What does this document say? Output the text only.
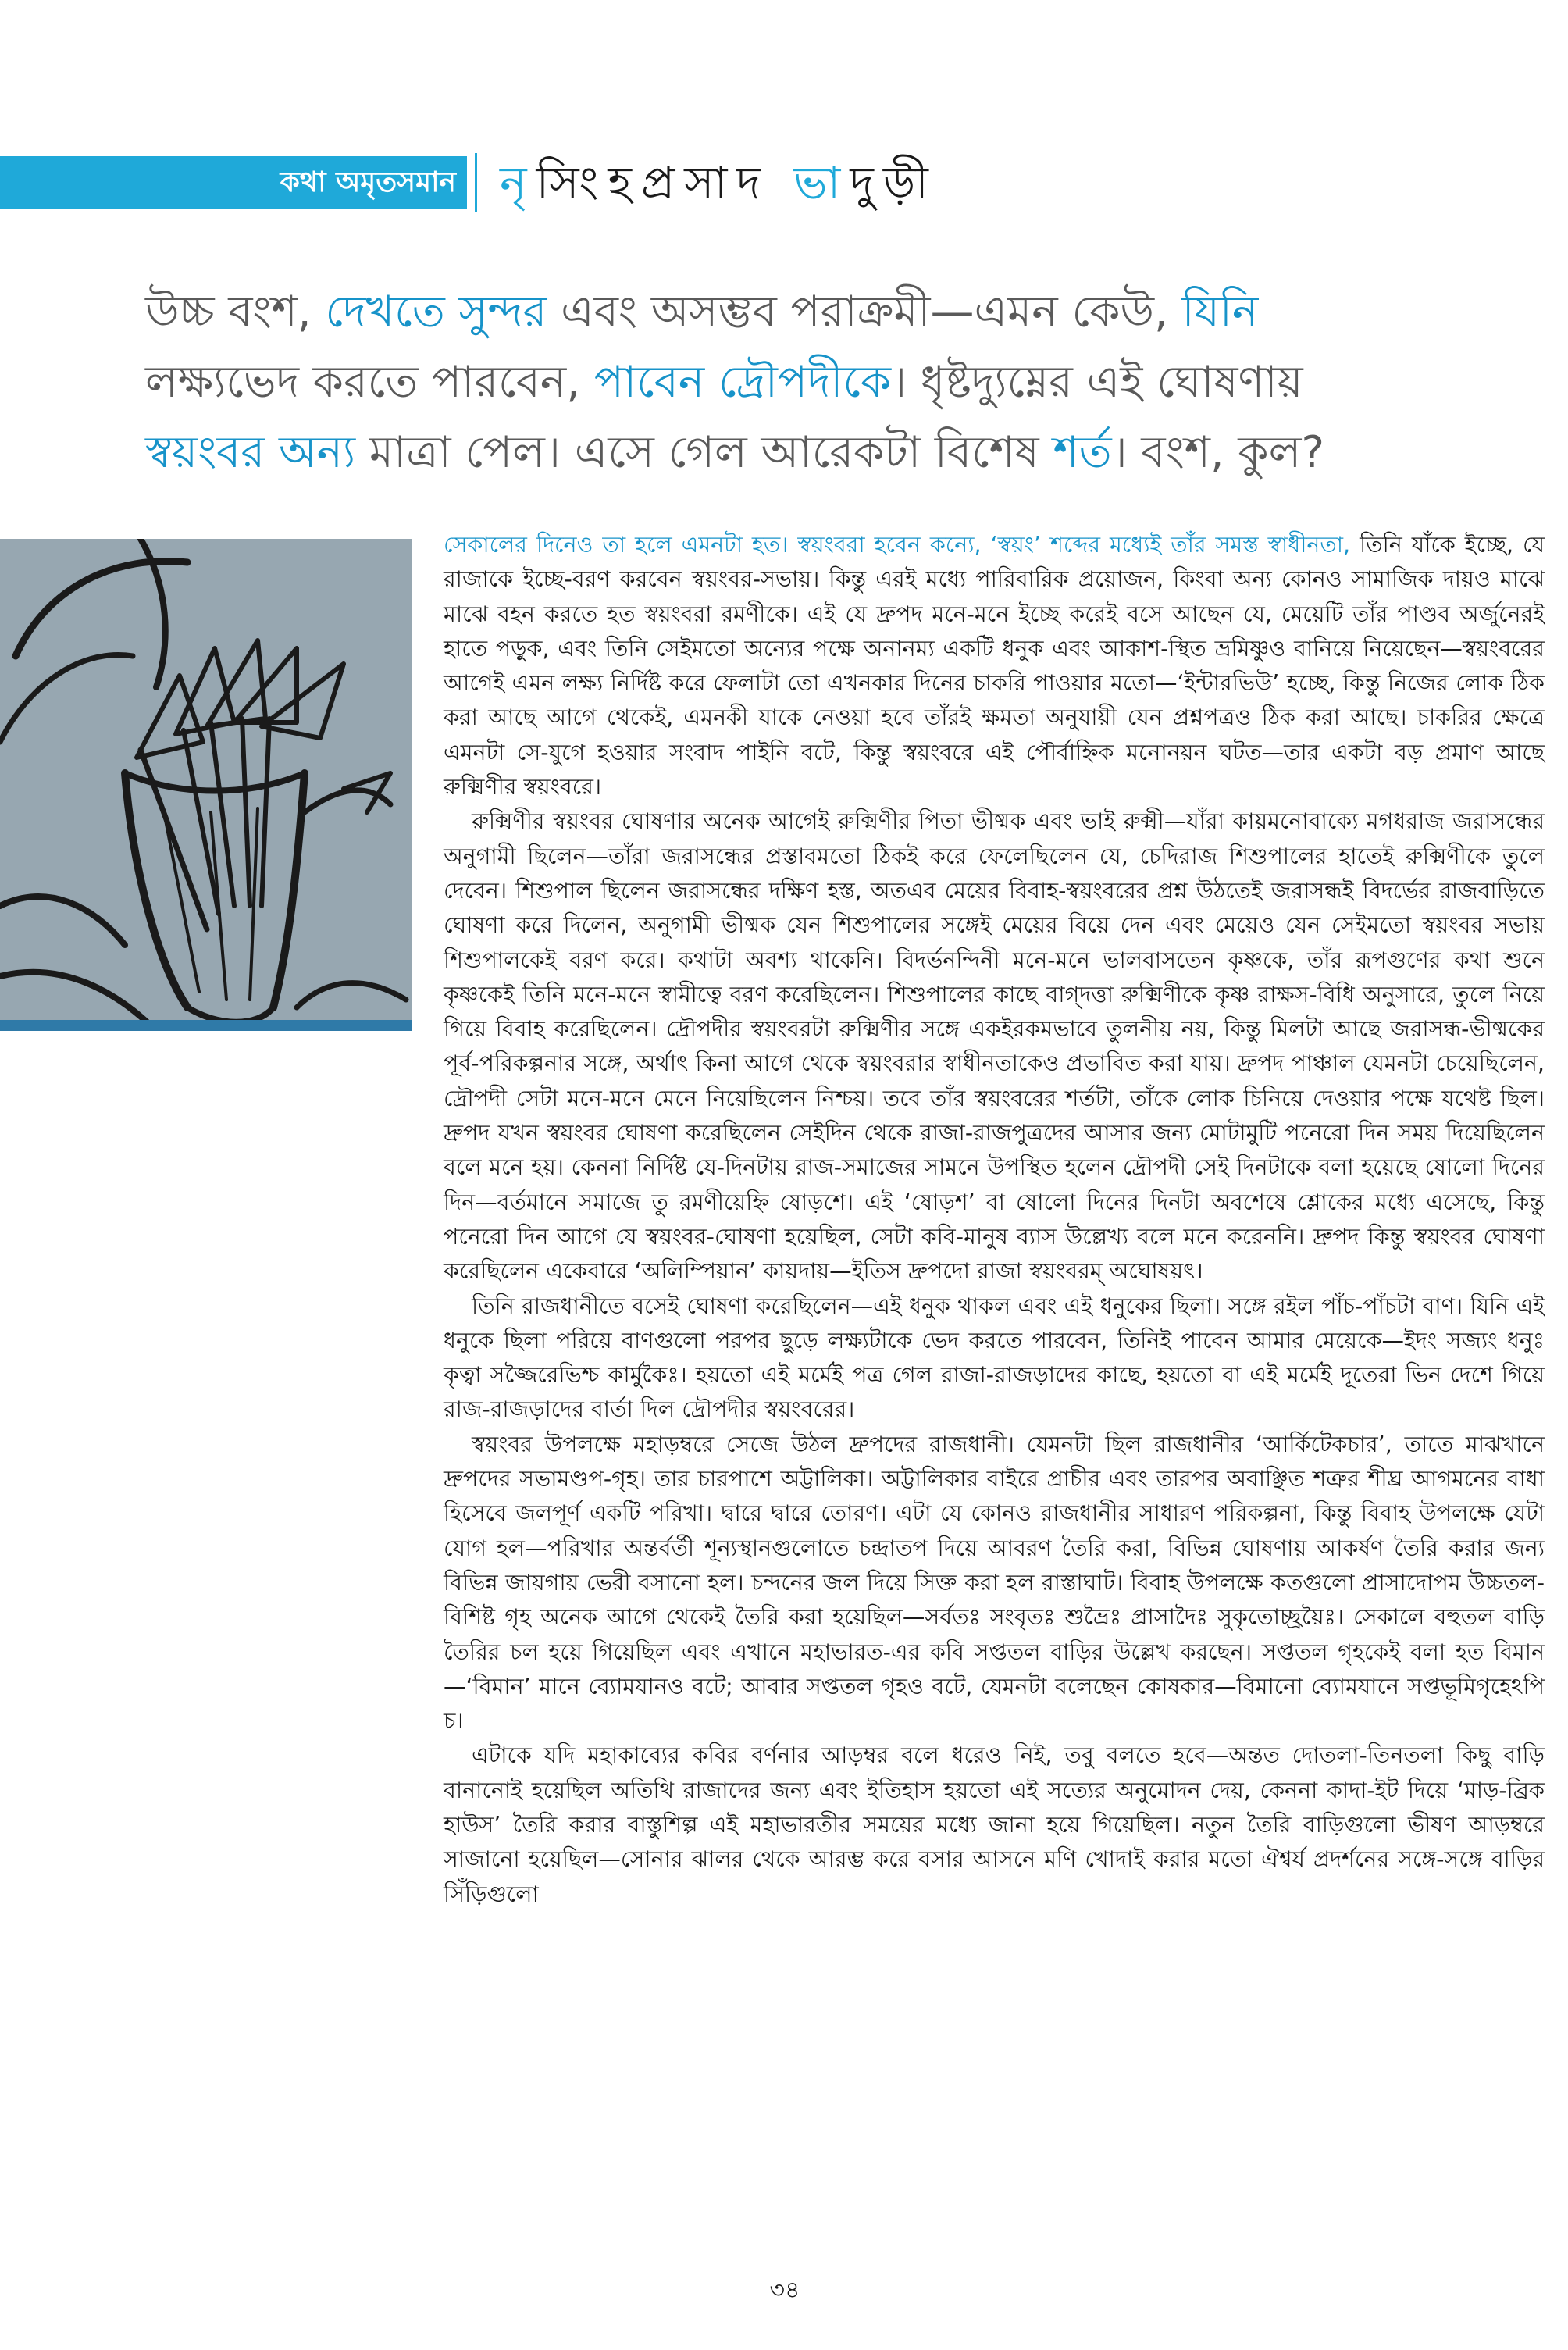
কথা অমৃতসমান নৃসিংহপ্রসাদ ভাদুড়ী
উচ্চ বংশ, দেখতে সুন্দর এবং অসম্ভব পরাক্রমী—এমন কেউ, যিনি লক্ষ্যভেদ করতে পারবেন, পাবেন দ্রৌপদীকে। ধৃষ্টদ্যুম্নের এই ঘোষণায় স্বয়ংবর অন্য মাত্রা পেল। এসে গেল আরেকটা বিশেষ শর্ত। বংশ, কুল?

সেকালের দিনেও তা হলে এমনটা হত। স্বয়ংবরা হবেন কন্যে, ‘স্বয়ং’ শব্দের মধ্যেই তাঁর সমস্ত স্বাধীনতা, তিনি যাঁকে ইচ্ছে, যে রাজাকে ইচ্ছে-বরণ করবেন স্বয়ংবর-সভায়। কিন্তু এরই মধ্যে পারিবারিক প্রয়োজন, কিংবা অন্য কোনও সামাজিক দায়ও মাঝে মাঝে বহন করতে হত স্বয়ংবরা রমণীকে। এই যে দ্রুপদ মনে-মনে ইচ্ছে করেই বসে আছেন যে, মেয়েটি তাঁর পাণ্ডব অর্জুনেরই হাতে পড়ুক, এবং তিনি সেইমতো অন্যের পক্ষে অনানম্য একটি ধনুক এবং আকাশ-স্থিত ভ্রমিষ্ণুও বানিয়ে নিয়েছেন—স্বয়ংবরের আগেই এমন লক্ষ্য নির্দিষ্ট করে ফেলাটা তো এখনকার দিনের চাকরি পাওয়ার মতো—‘ইন্টারভিউ’ হচ্ছে, কিন্তু নিজের লোক ঠিক করা আছে আগে থেকেই, এমনকী যাকে নেওয়া হবে তাঁরই ক্ষমতা অনুযায়ী যেন প্রশ্নপত্রও ঠিক করা আছে। চাকরির ক্ষেত্রে এমনটা সে-যুগে হওয়ার সংবাদ পাইনি বটে, কিন্তু স্বয়ংবরে এই পৌর্বাহ্নিক মনোনয়ন ঘটত—তার একটা বড় প্রমাণ আছে রুক্মিণীর স্বয়ংবরে।

রুক্মিণীর স্বয়ংবর ঘোষণার অনেক আগেই রুক্মিণীর পিতা ভীষ্মক এবং ভাই রুক্মী—যাঁরা কায়মনোবাক্যে মগধরাজ জরাসন্ধের অনুগামী ছিলেন—তাঁরা জরাসন্ধের প্রস্তাবমতো ঠিকই করে ফেলেছিলেন যে, চেদিরাজ শিশুপালের হাতেই রুক্মিণীকে তুলে দেবেন। শিশুপাল ছিলেন জরাসন্ধের দক্ষিণ হস্ত, অতএব মেয়ের বিবাহ-স্বয়ংবরের প্রশ্ন উঠতেই জরাসন্ধই বিদর্ভের রাজবাড়িতে ঘোষণা করে দিলেন, অনুগামী ভীষ্মক যেন শিশুপালের সঙ্গেই মেয়ের বিয়ে দেন এবং মেয়েও যেন সেইমতো স্বয়ংবর সভায় শিশুপালকেই বরণ করে। কথাটা অবশ্য থাকেনি। বিদর্ভনন্দিনী মনে-মনে ভালবাসতেন কৃষ্ণকে, তাঁর রূপগুণের কথা শুনে কৃষ্ণকেই তিনি মনে-মনে স্বামীত্বে বরণ করেছিলেন। শিশুপালের কাছে বাগ্‌দত্তা রুক্মিণীকে কৃষ্ণ রাক্ষস-বিধি অনুসারে, তুলে নিয়ে গিয়ে বিবাহ করেছিলেন। দ্রৌপদীর স্বয়ংবরটা রুক্মিণীর সঙ্গে একইরকমভাবে তুলনীয় নয়, কিন্তু মিলটা আছে জরাসন্ধ-ভীষ্মকের পূর্ব-পরিকল্পনার সঙ্গে, অর্থাৎ কিনা আগে থেকে স্বয়ংবরার স্বাধীনতাকেও প্রভাবিত করা যায়। দ্রুপদ পাঞ্চাল যেমনটা চেয়েছিলেন, দ্রৌপদী সেটা মনে-মনে মেনে নিয়েছিলেন নিশ্চয়। তবে তাঁর স্বয়ংবরের শর্তটা, তাঁকে লোক চিনিয়ে দেওয়ার পক্ষে যথেষ্ট ছিল। দ্রুপদ যখন স্বয়ংবর ঘোষণা করেছিলেন সেইদিন থেকে রাজা-রাজপুত্রদের আসার জন্য মোটামুটি পনেরো দিন সময় দিয়েছিলেন বলে মনে হয়। কেননা নির্দিষ্ট যে-দিনটায় রাজ-সমাজের সামনে উপস্থিত হলেন দ্রৌপদী সেই দিনটাকে বলা হয়েছে ষোলো দিনের দিন—বর্তমানে সমাজে তু রমণীয়েহ্নি ষোড়শে। এই ‘ষোড়শ’ বা ষোলো দিনের দিনটা অবশেষে শ্লোকের মধ্যে এসেছে, কিন্তু পনেরো দিন আগে যে স্বয়ংবর-ঘোষণা হয়েছিল, সেটা কবি-মানুষ ব্যাস উল্লেখ্য বলে মনে করেননি। দ্রুপদ কিন্তু স্বয়ংবর ঘোষণা করেছিলেন একেবারে ‘অলিম্পিয়ান’ কায়দায়—ইতিস দ্রুপদো রাজা স্বয়ংবরম্‌ অঘোষয়ৎ।

তিনি রাজধানীতে বসেই ঘোষণা করেছিলেন—এই ধনুক থাকল এবং এই ধনুকের ছিলা। সঙ্গে রইল পাঁচ-পাঁচটা বাণ। যিনি এই ধনুকে ছিলা পরিয়ে বাণগুলো পরপর ছুড়ে লক্ষ্যটাকে ভেদ করতে পারবেন, তিনিই পাবেন আমার মেয়েকে—ইদং সজ্যং ধনুঃ কৃত্বা সজ্জৈরেভিশ্চ কার্মুকৈঃ। হয়তো এই মর্মেই পত্র গেল রাজা-রাজড়াদের কাছে, হয়তো বা এই মর্মেই দূতেরা ভিন দেশে গিয়ে রাজ-রাজড়াদের বার্তা দিল দ্রৌপদীর স্বয়ংবরের।

স্বয়ংবর উপলক্ষে মহাড়ম্বরে সেজে উঠল দ্রুপদের রাজধানী। যেমনটা ছিল রাজধানীর ‘আর্কিটেকচার’, তাতে মাঝখানে দ্রুপদের সভামণ্ডপ-গৃহ। তার চারপাশে অট্টালিকা। অট্টালিকার বাইরে প্রাচীর এবং তারপর অবাঞ্ছিত শত্রুর শীঘ্র আগমনের বাধা হিসেবে জলপূর্ণ একটি পরিখা। দ্বারে দ্বারে তোরণ। এটা যে কোনও রাজধানীর সাধারণ পরিকল্পনা, কিন্তু বিবাহ উপলক্ষে যেটা যোগ হল—পরিখার অন্তর্বর্তী শূন্যস্থানগুলোতে চন্দ্রাতপ দিয়ে আবরণ তৈরি করা, বিভিন্ন ঘোষণায় আকর্ষণ তৈরি করার জন্য বিভিন্ন জায়গায় ভেরী বসানো হল। চন্দনের জল দিয়ে সিক্ত করা হল রাস্তাঘাট। বিবাহ উপলক্ষে কতগুলো প্রাসাদোপম উচ্চতল-বিশিষ্ট গৃহ অনেক আগে থেকেই তৈরি করা হয়েছিল—সর্বতঃ সংবৃতঃ শুভ্রৈঃ প্রাসাদৈঃ সুকৃতোচ্ছ্রয়ৈঃ। সেকালে বহুতল বাড়ি তৈরির চল হয়ে গিয়েছিল এবং এখানে মহাভারত-এর কবি সপ্ততল বাড়ির উল্লেখ করছেন। সপ্ততল গৃহকেই বলা হত বিমান—‘বিমান’ মানে ব্যোমযানও বটে; আবার সপ্ততল গৃহও বটে, যেমনটা বলেছেন কোষকার—বিমানো ব্যোমযানে সপ্তভূমিগৃহেঽপি চ।

এটাকে যদি মহাকাব্যের কবির বর্ণনার আড়ম্বর বলে ধরেও নিই, তবু বলতে হবে—অন্তত দোতলা-তিনতলা কিছু বাড়ি বানানোই হয়েছিল অতিথি রাজাদের জন্য এবং ইতিহাস হয়তো এই সত্যের অনুমোদন দেয়, কেননা কাদা-ইট দিয়ে ‘মাড়-ব্রিক হাউস’ তৈরি করার বাস্তুশিল্প এই মহাভারতীর সময়ের মধ্যে জানা হয়ে গিয়েছিল। নতুন তৈরি বাড়িগুলো ভীষণ আড়ম্বরে সাজানো হয়েছিল—সোনার ঝালর থেকে আরম্ভ করে বসার আসনে মণি খোদাই করার মতো ঐশ্বর্য প্রদর্শনের সঙ্গে-সঙ্গে বাড়ির সিঁড়িগুলো

৩৪
